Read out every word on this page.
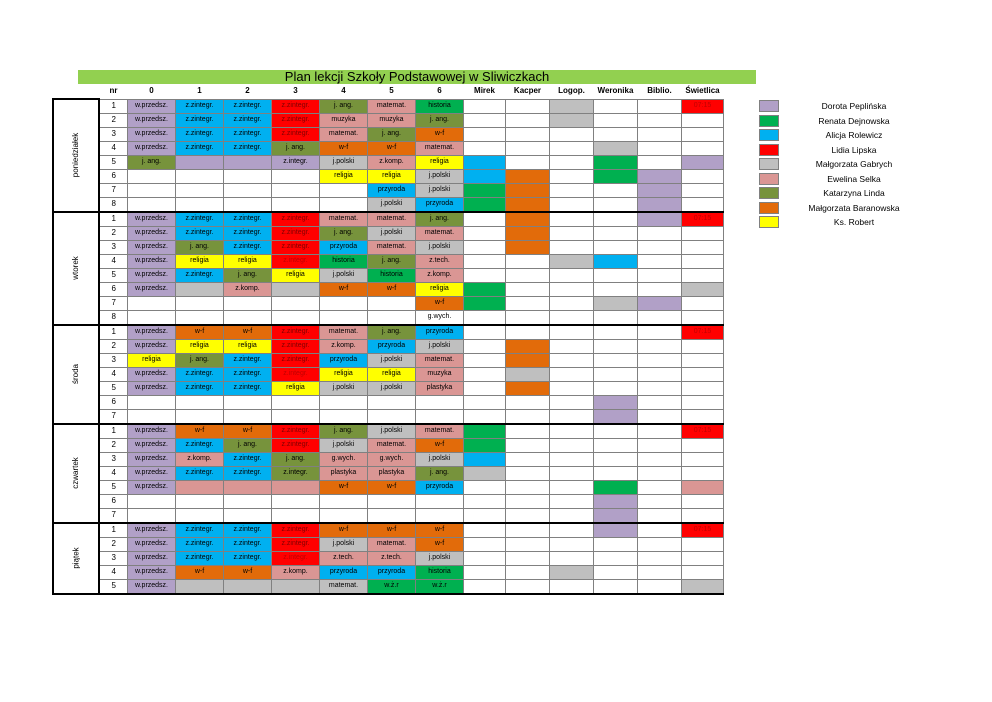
Plan lekcji Szkoły Podstawowej w Sliwiczkach
	nr	0	1	2	3	4	5	6	Mirek	Kacper	Logop.	Weronika	Biblio.	Świetlica
poniedziałek	1	w.przedsz.	z.zintegr.	z.zintegr.	z.zintegr.	j. ang.	matemat.	historia						07:15
	2	w.przedsz.	z.zintegr.	z.zintegr.	z.zintegr.	muzyka	muzyka	j. ang.						
	3	w.przedsz.	z.zintegr.	z.zintegr.	z.zintegr.	matemat.	j. ang.	w-f						
	4	w.przedsz.	z.zintegr.	z.zintegr.	j. ang.	w-f	w-f	matemat.						
	5	j. ang.			z.integr.	j.polski	z.komp.	religia						
	6					religia	religia	j.polski						
	7						przyroda	j.polski						
	8						j.polski	przyroda						
wtorek	1	w.przedsz.	z.zintegr.	z.zintegr.	z.zintegr.	matemat.	matemat.	j. ang.						07:15
	2	w.przedsz.	z.zintegr.	z.zintegr.	z.zintegr.	j. ang.	j.polski	matemat.						
	3	w.przedsz.	j. ang.	z.zintegr.	z.zintegr.	przyroda	matemat.	j.polski						
	4	w.przedsz.	religia	religia	z.integr.	historia	j. ang.	z.tech.						
	5	w.przedsz.	z.zintegr.	j. ang.	religia	j.polski	historia	z.komp.						
	6	w.przedsz.		z.komp.		w-f	w-f	religia						
	7							w-f						
	8							g.wych.						
środa	1	w.przedsz.	w-f	w-f	z.zintegr.	matemat.	j. ang.	przyroda						07:15
	2	w.przedsz.	religia	religia	z.zintegr.	z.komp.	przyroda	j.polski						
	3	religia	j. ang.	z.zintegr.	z.zintegr.	przyroda	j.polski	matemat.						
	4	w.przedsz.	z.zintegr.	z.zintegr.	z.integr.	religia	religia	muzyka						
	5	w.przedsz.	z.zintegr.	z.zintegr.	religia	j.polski	j.polski	plastyka						
	6													
	7													
czwartek	1	w.przedsz.	w-f	w-f	z.zintegr.	j. ang.	j.polski	matemat.						07:15
	2	w.przedsz.	z.zintegr.	j. ang.	z.zintegr.	j.polski	matemat.	w-f						
	3	w.przedsz.	z.komp.	z.zintegr.	j. ang.	g.wych.	g.wych.	j.polski						
	4	w.przedsz.	z.zintegr.	z.zintegr.	z.integr.	plastyka	plastyka	j. ang.						
	5	w.przedsz.				w-f	w-f	przyroda						
	6													
	7													
piątek	1	w.przedsz.	z.zintegr.	z.zintegr.	z.zintegr.	w-f	w-f	w-f						07:15
	2	w.przedsz.	z.zintegr.	z.zintegr.	z.zintegr.	j.polski	matemat.	w-f						
	3	w.przedsz.	z.zintegr.	z.zintegr.	z.integr.	z.tech.	z.tech.	j.polski						
	4	w.przedsz.	w-f	w-f	z.komp.	przyroda	przyroda	historia						
	5	w.przedsz.				matemat.	w.ż.r	w.ż.r						
Dorota Peplińska
Renata Dejnowska
Alicja Rolewicz
Lidia Lipska
Małgorzata Gabrych
Ewelina Selka
Katarzyna Linda
Małgorzata Baranowska
Ks. Robert
